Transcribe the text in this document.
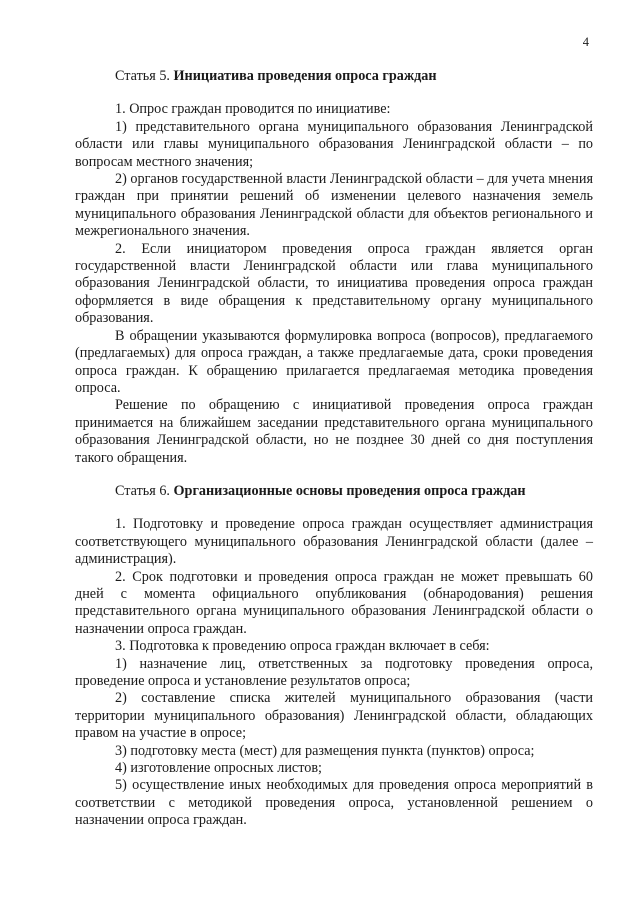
4
Статья 5. Инициатива проведения опроса граждан

1. Опрос граждан проводится по инициативе:

1) представительного органа муниципального образования Ленинградской области или главы муниципального образования Ленинградской области – по вопросам местного значения;

2) органов государственной власти Ленинградской области – для учета мнения граждан при принятии решений об изменении целевого назначения земель муниципального образования Ленинградской области для объектов регионального и межрегионального значения.

2. Если инициатором проведения опроса граждан является орган государственной власти Ленинградской области или глава муниципального образования Ленинградской области, то инициатива проведения опроса граждан оформляется в виде обращения к представительному органу муниципального образования.

В обращении указываются формулировка вопроса (вопросов), предлагаемого (предлагаемых) для опроса граждан, а также предлагаемые дата, сроки проведения опроса граждан. К обращению прилагается предлагаемая методика проведения опроса.

Решение по обращению с инициативой проведения опроса граждан принимается на ближайшем заседании представительного органа муниципального образования Ленинградской области, но не позднее 30 дней со дня поступления такого обращения.

Статья 6. Организационные основы проведения опроса граждан

1. Подготовку и проведение опроса граждан осуществляет администрация соответствующего муниципального образования Ленинградской области (далее – администрация).

2. Срок подготовки и проведения опроса граждан не может превышать 60 дней с момента официального опубликования (обнародования) решения представительного органа муниципального образования Ленинградской области о назначении опроса граждан.

3. Подготовка к проведению опроса граждан включает в себя:

1) назначение лиц, ответственных за подготовку проведения опроса, проведение опроса и установление результатов опроса;

2) составление списка жителей муниципального образования (части территории муниципального образования) Ленинградской области, обладающих правом на участие в опросе;

3) подготовку места (мест) для размещения пункта (пунктов) опроса;

4) изготовление опросных листов;

5) осуществление иных необходимых для проведения опроса мероприятий в соответствии с методикой проведения опроса, установленной решением о назначении опроса граждан.
